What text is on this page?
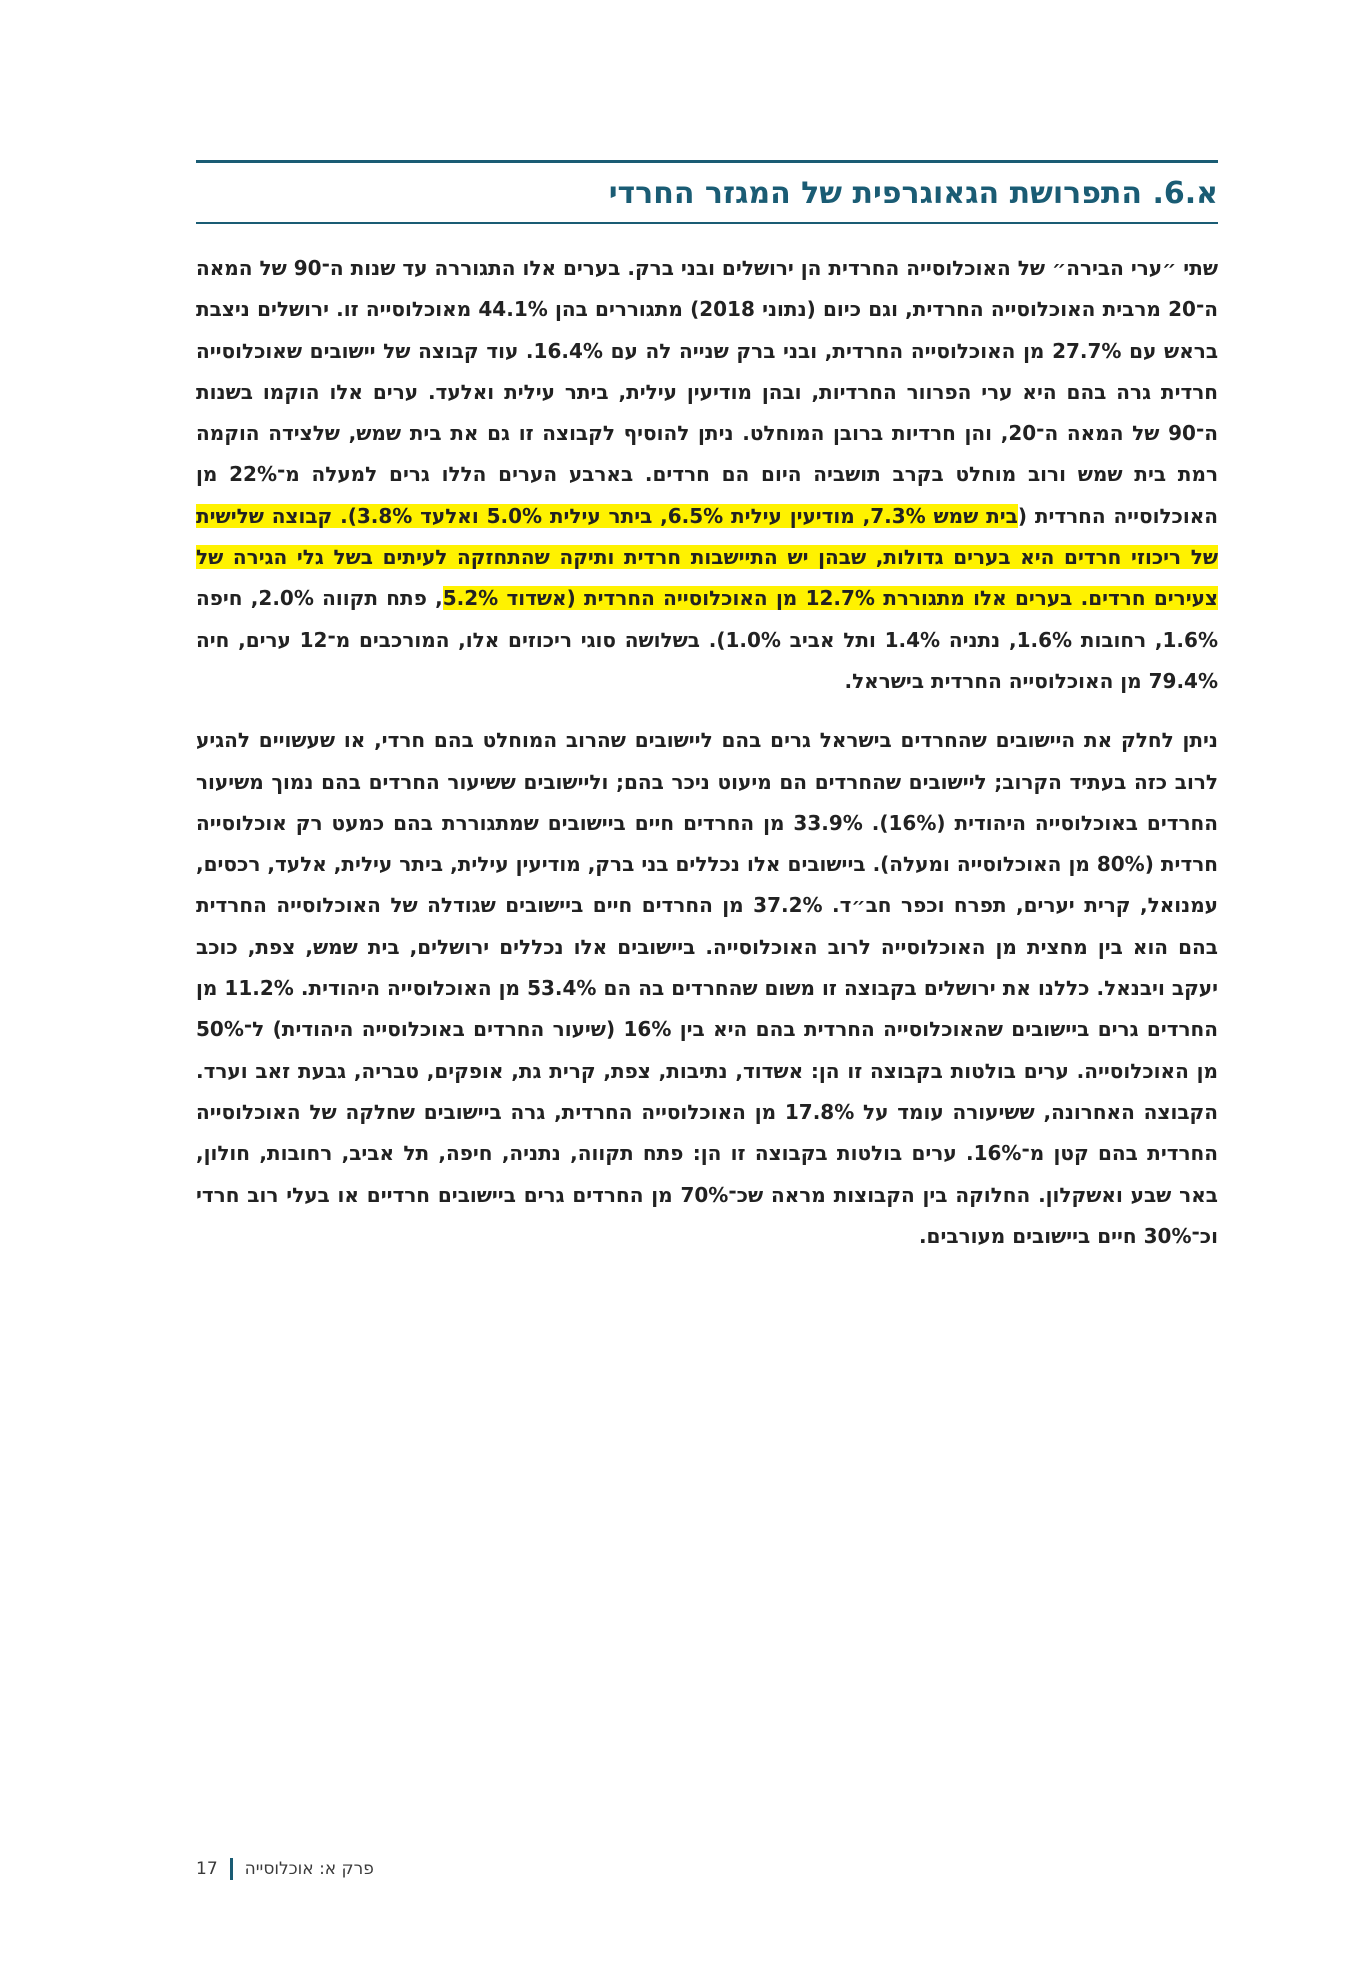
א.6. התפרושת הגאוגרפית של המגזר החרדי

שתי ״ערי הבירה״ של האוכלוסייה החרדית הן ירושלים ובני ברק. בערים אלו התגוררה עד שנות ה־90 של המאה ה־20 מרבית האוכלוסייה החרדית, וגם כיום (נתוני 2018) מתגוררים בהן 44.1% מאוכלוסייה זו. ירושלים ניצבת בראש עם 27.7% מן האוכלוסייה החרדית, ובני ברק שנייה לה עם 16.4%. עוד קבוצה של יישובים שאוכלוסייה חרדית גרה בהם היא ערי הפרוור החרדיות, ובהן מודיעין עילית, ביתר עילית ואלעד. ערים אלו הוקמו בשנות ה־90 של המאה ה־20, והן חרדיות ברובן המוחלט. ניתן להוסיף לקבוצה זו גם את בית שמש, שלצידה הוקמה רמת בית שמש ורוב מוחלט בקרב תושביה היום הם חרדים. בארבע הערים הללו גרים למעלה מ־22% מן האוכלוסייה החרדית (בית שמש 7.3%, מודיעין עילית 6.5%, ביתר עילית 5.0% ואלעד 3.8%). קבוצה שלישית של ריכוזי חרדים היא בערים גדולות, שבהן יש התיישבות חרדית ותיקה שהתחזקה לעיתים בשל גלי הגירה של צעירים חרדים. בערים אלו מתגוררת 12.7% מן האוכלוסייה החרדית (אשדוד 5.2%, פתח תקווה 2.0%, חיפה 1.6%, רחובות 1.6%, נתניה 1.4% ותל אביב 1.0%). בשלושה סוגי ריכוזים אלו, המורכבים מ־12 ערים, חיה 79.4% מן האוכלוסייה החרדית בישראל.

ניתן לחלק את היישובים שהחרדים בישראל גרים בהם ליישובים שהרוב המוחלט בהם חרדי, או שעשויים להגיע לרוב כזה בעתיד הקרוב; ליישובים שהחרדים הם מיעוט ניכר בהם; וליישובים ששיעור החרדים בהם נמוך משיעור החרדים באוכלוסייה היהודית (16%). 33.9% מן החרדים חיים ביישובים שמתגוררת בהם כמעט רק אוכלוסייה חרדית (80% מן האוכלוסייה ומעלה). ביישובים אלו נכללים בני ברק, מודיעין עילית, ביתר עילית, אלעד, רכסים, עמנואל, קרית יערים, תפרח וכפר חב״ד. 37.2% מן החרדים חיים ביישובים שגודלה של האוכלוסייה החרדית בהם הוא בין מחצית מן האוכלוסייה לרוב האוכלוסייה. ביישובים אלו נכללים ירושלים, בית שמש, צפת, כוכב יעקב ויבנאל. כללנו את ירושלים בקבוצה זו משום שהחרדים בה הם 53.4% מן האוכלוסייה היהודית. 11.2% מן החרדים גרים ביישובים שהאוכלוסייה החרדית בהם היא בין 16% (שיעור החרדים באוכלוסייה היהודית) ל־50% מן האוכלוסייה. ערים בולטות בקבוצה זו הן: אשדוד, נתיבות, צפת, קרית גת, אופקים, טבריה, גבעת זאב וערד. הקבוצה האחרונה, ששיעורה עומד על 17.8% מן האוכלוסייה החרדית, גרה ביישובים שחלקה של האוכלוסייה החרדית בהם קטן מ־16%. ערים בולטות בקבוצה זו הן: פתח תקווה, נתניה, חיפה, תל אביב, רחובות, חולון, באר שבע ואשקלון. החלוקה בין הקבוצות מראה שכ־70% מן החרדים גרים ביישובים חרדיים או בעלי רוב חרדי וכ־30% חיים ביישובים מעורבים.

17 פרק א: אוכלוסייה
